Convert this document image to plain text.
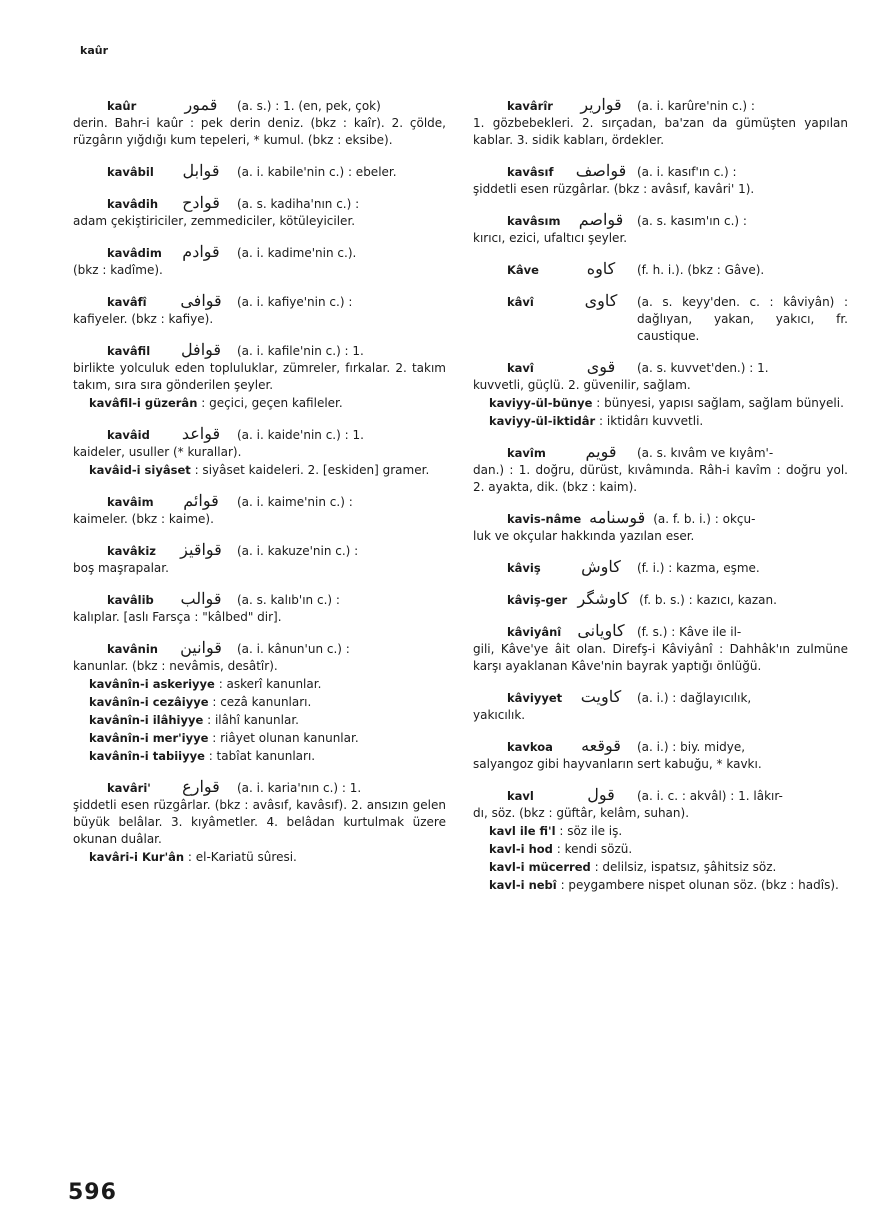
kaûr
kaûr	قمور	(a. s.) : 1. (en, pek, çok)
derin. Bahr-i kaûr : pek derin deniz. (bkz : kaîr). 2. çölde, rüzgârın yığdığı kum tepeleri, * kumul. (bkz : eksibe).
kavâbil	قوابل	(a. i. kabile'nin c.) : ebeler.
kavâdih	قوادح	(a. s. kadiha'nın c.) :
adam çekiştiriciler, zemmediciler, kötüleyiciler.
kavâdim	قوادم	(a. i. kadime'nin c.).
(bkz : kadîme).
kavâfî	قوافى	(a. i. kafiye'nin c.) :
kafiyeler. (bkz : kafiye).
kavâfil	قوافل	(a. i. kafile'nin c.) : 1.
birlikte yolculuk eden topluluklar, zümreler, fırkalar. 2. takım takım, sıra sıra gönderilen şeyler.
kavâfil-i güzerân : geçici, geçen kafileler.
kavâid	قواعد	(a. i. kaide'nin c.) : 1.
kaideler, usuller (* kurallar).
kavâid-i siyâset : siyâset kaideleri. 2. [eskiden] gramer.
kavâim	قوائم	(a. i. kaime'nin c.) :
kaimeler. (bkz : kaime).
kavâkiz	قواقيز	(a. i. kakuze'nin c.) :
boş maşrapalar.
kavâlib	قوالب	(a. s. kalıb'ın c.) :
kalıplar. [aslı Farsça : "kâlbed" dir].
kavânin	قوانين	(a. i. kânun'un c.) :
kanunlar. (bkz : nevâmis, desâtîr).
kavânîn-i askeriyye : askerî kanunlar.
kavânîn-i cezâiyye : cezâ kanunları.
kavânîn-i ilâhiyye : ilâhî kanunlar.
kavânîn-i mer'iyye : riâyet olunan kanunlar.
kavânîn-i tabiiyye : tabîat kanunları.
kavâri'	قوارع	(a. i. karia'nın c.) : 1.
şiddetli esen rüzgârlar. (bkz : avâsıf, kavâsıf). 2. ansızın gelen büyük belâlar. 3. kıyâmetler. 4. belâdan kurtulmak üzere okunan duâlar.
kavâri-i Kur'ân : el-Kariatü sûresi.
kavârîr	قوارير	(a. i. karûre'nin c.) :
1. gözbebekleri. 2. sırçadan, ba'zan da gümüşten yapılan kablar. 3. sidik kabları, ördekler.
kavâsıf	قواصف (a. i. kasıf'ın c.) :
şiddetli esen rüzgârlar. (bkz : avâsıf, kavâri' 1).
kavâsım	قواصم	(a. s. kasım'ın c.) :
kırıcı, ezici, ufaltıcı şeyler.
Kâve	كاوه	(f. h. i.). (bkz : Gâve).
kâvî	كاوى	(a. s. keyy'den. c. : kâviyân) : dağlıyan, yakan, yakıcı, fr. caustique.
kavî	قوى	(a. s. kuvvet'den.) : 1.
kuvvetli, güçlü. 2. güvenilir, sağlam.
kaviyy-ül-bünye : bünyesi, yapısı sağlam, sağlam bünyeli.
kaviyy-ül-iktidâr : iktidârı kuvvetli.
kavîm	قويم	(a. s. kıvâm ve kıyâm'-
dan.) : 1. doğru, dürüst, kıvâmında. Râh-i kavîm : doğru yol. 2. ayakta, dik. (bkz : kaim).
kavis-nâme قوسنامه (a. f. b. i.) : okçu-
luk ve okçular hakkında yazılan eser.
kâviş	كاوش	(f. i.) : kazma, eşme.
kâviş-ger كاوشگر (f. b. s.) : kazıcı, kazan.
kâviyânî	كاويانى	(f. s.) : Kâve ile il-
gili, Kâve'ye âit olan. Direfş-i Kâviyânî : Dahhâk'ın zulmüne karşı ayaklanan Kâve'nin bayrak yaptığı önlüğü.
kâviyyet	كاويت	(a. i.) : dağlayıcılık,
yakıcılık.
kavkoa	قوقعه	(a. i.) : biy. midye,
salyangoz gibi hayvanların sert kabuğu, * kavkı.
kavl	قول	(a. i. c. : akvâl) : 1. lâkır-
dı, söz. (bkz : güftâr, kelâm, suhan).
kavl ile fi'l : söz ile iş.
kavl-i hod : kendi sözü.
kavl-i mücerred : delilsiz, ispatsız, şâhitsiz söz.
kavl-i nebî : peygambere nispet olunan söz. (bkz : hadîs).
596
